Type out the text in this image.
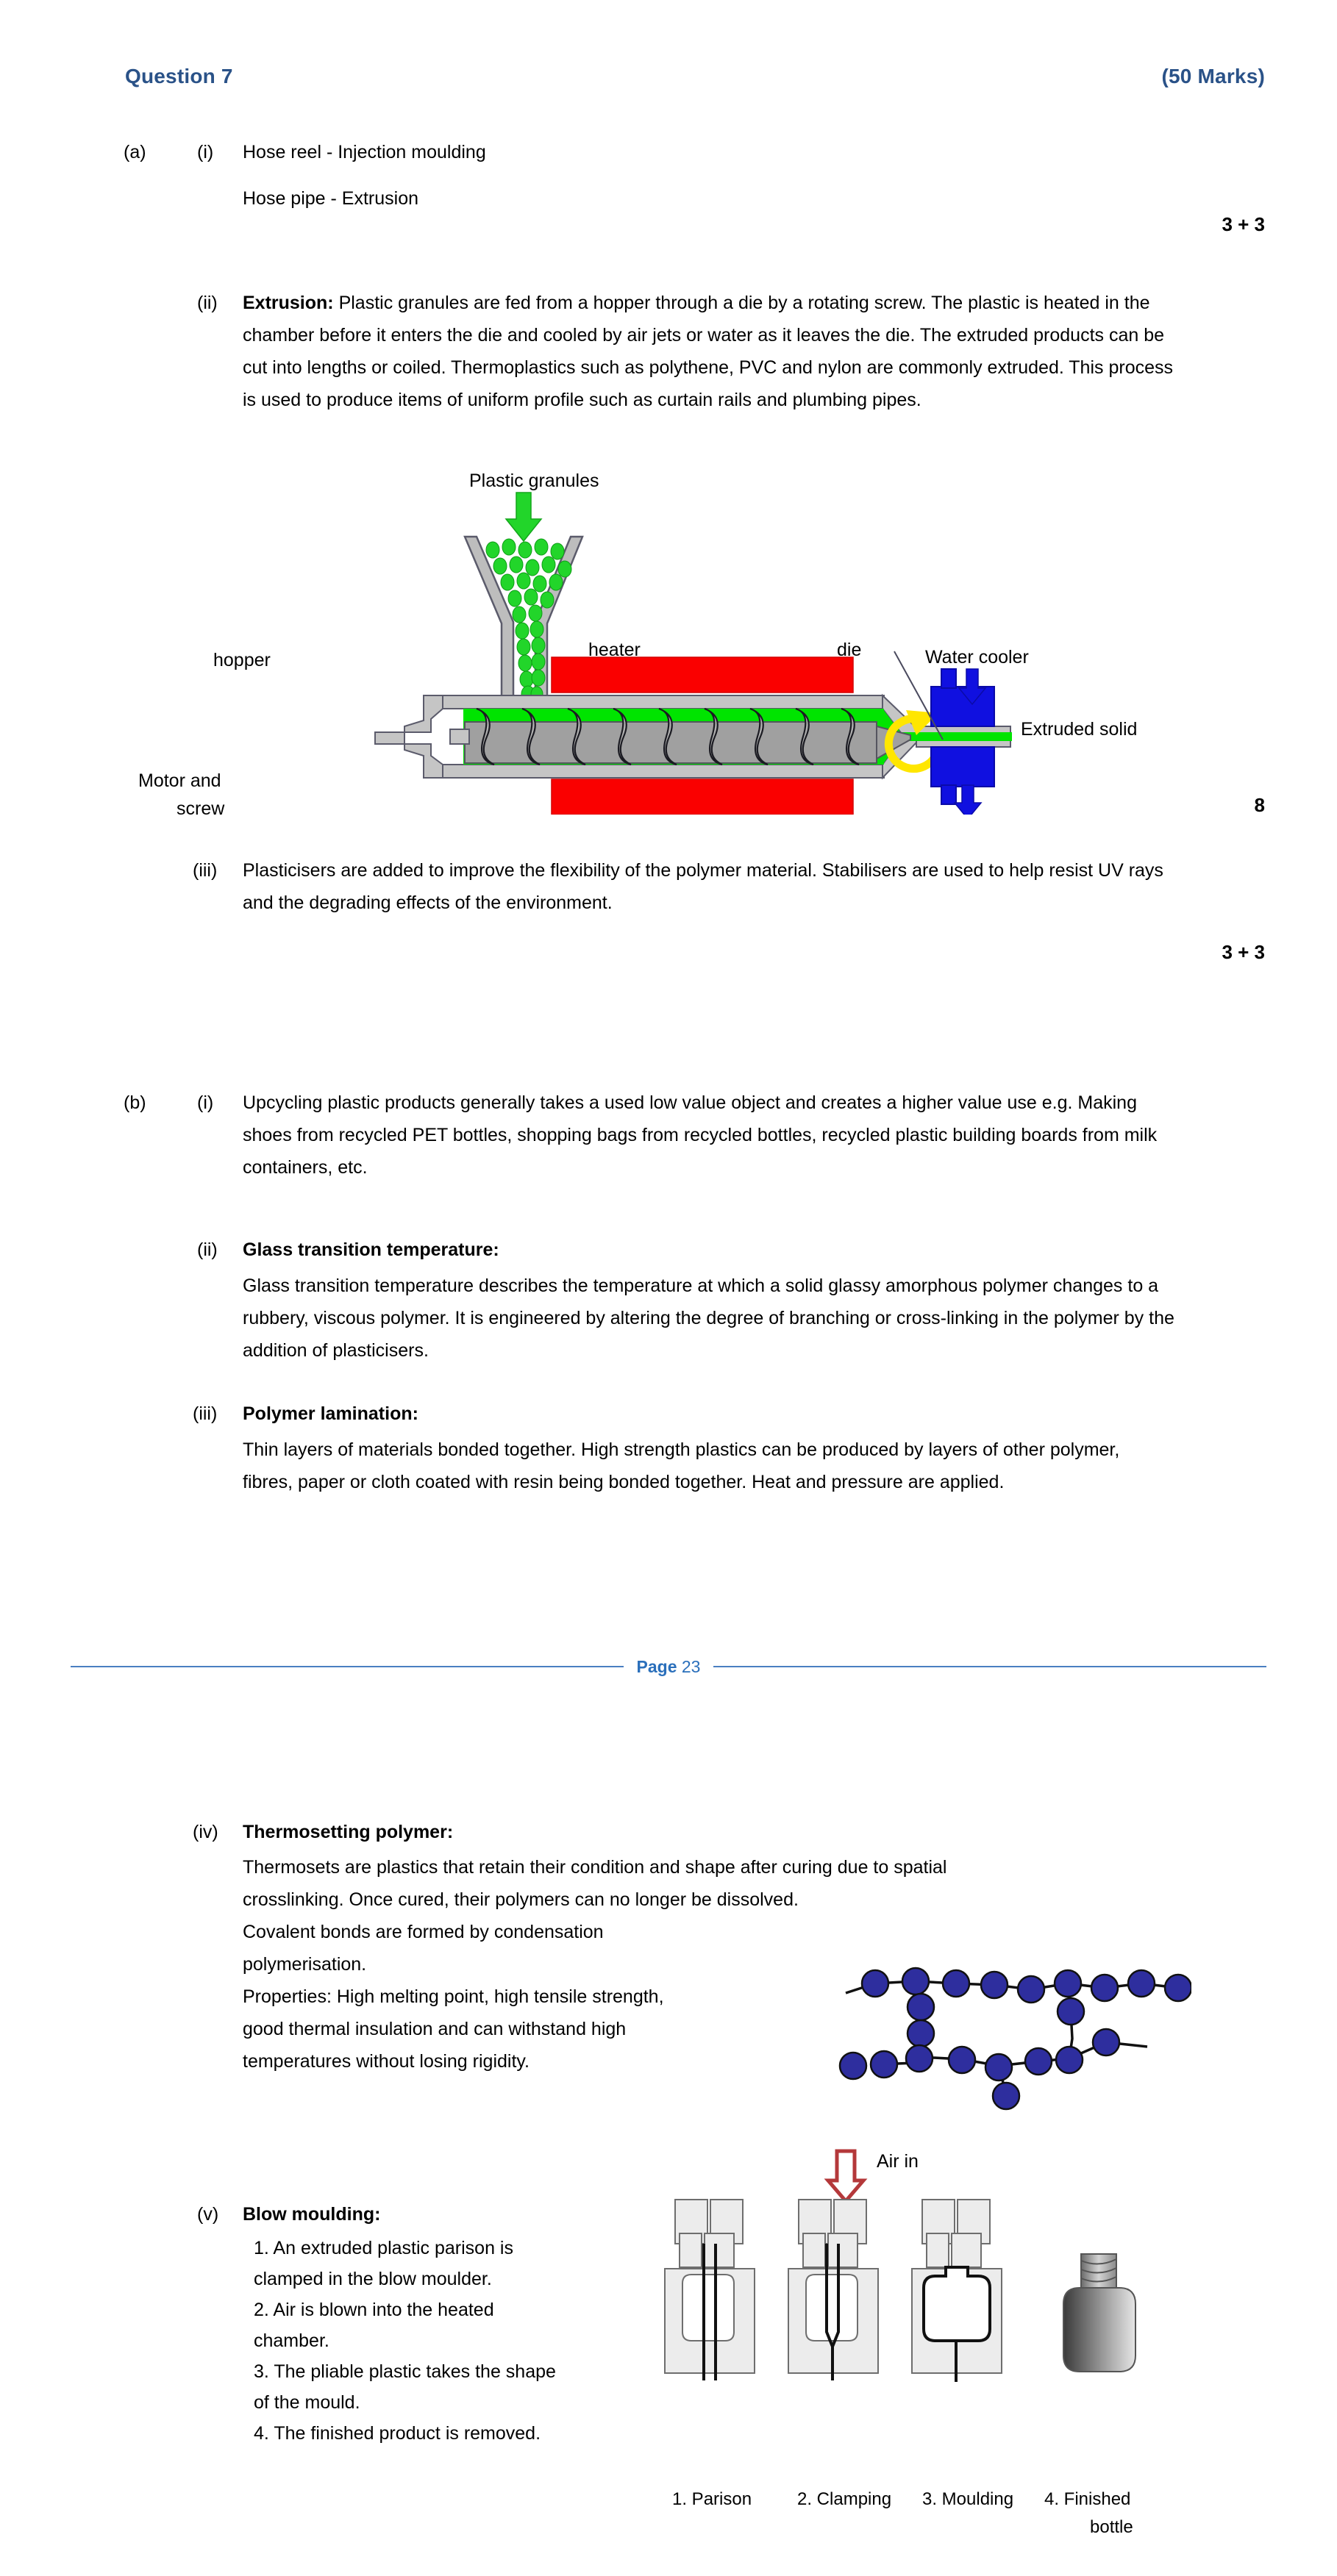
Question 7	(50 Marks)
(a)	(i) Hose reel - Injection moulding
Hose pipe - Extrusion
3 + 3
(ii) Extrusion: Plastic granules are fed from a hopper through a die by a rotating screw. The plastic is heated in the chamber before it enters the die and cooled by air jets or water as it leaves the die. The extruded products can be cut into lengths or coiled. Thermoplastics such as polythene, PVC and nylon are commonly extruded. This process is used to produce items of uniform profile such as curtain rails and plumbing pipes.
Plastic granules
hopper	heater	die	Water cooler
Extruded solid
Motor and
screw	8
(iii) Plasticisers are added to improve the flexibility of the polymer material. Stabilisers are used to help resist UV rays and the degrading effects of the environment.
3 + 3
(b)	(i) Upcycling plastic products generally takes a used low value object and creates a higher value use e.g. Making shoes from recycled PET bottles, shopping bags from recycled bottles, recycled plastic building boards from milk containers, etc.
(ii) Glass transition temperature:
Glass transition temperature describes the temperature at which a solid glassy amorphous polymer changes to a rubbery, viscous polymer. It is engineered by altering the degree of branching or cross-linking in the polymer by the addition of plasticisers.
(iii) Polymer lamination:
Thin layers of materials bonded together. High strength plastics can be produced by layers of other polymer, fibres, paper or cloth coated with resin being bonded together. Heat and pressure are applied.
Page 23
(iv) Thermosetting polymer:
Thermosets are plastics that retain their condition and shape after curing due to spatial
crosslinking. Once cured, their polymers can no longer be dissolved.
Covalent bonds are formed by condensation
polymerisation.
Properties: High melting point, high tensile strength,
good thermal insulation and can withstand high
temperatures without losing rigidity.
(v) Blow moulding:
1. An extruded plastic parison is
clamped in the blow moulder.
2. Air is blown into the heated
chamber.
3. The pliable plastic takes the shape
of the mould.
4. The finished product is removed.
Air in
1. Parison	2. Clamping 3. Moulding 4. Finished
bottle
